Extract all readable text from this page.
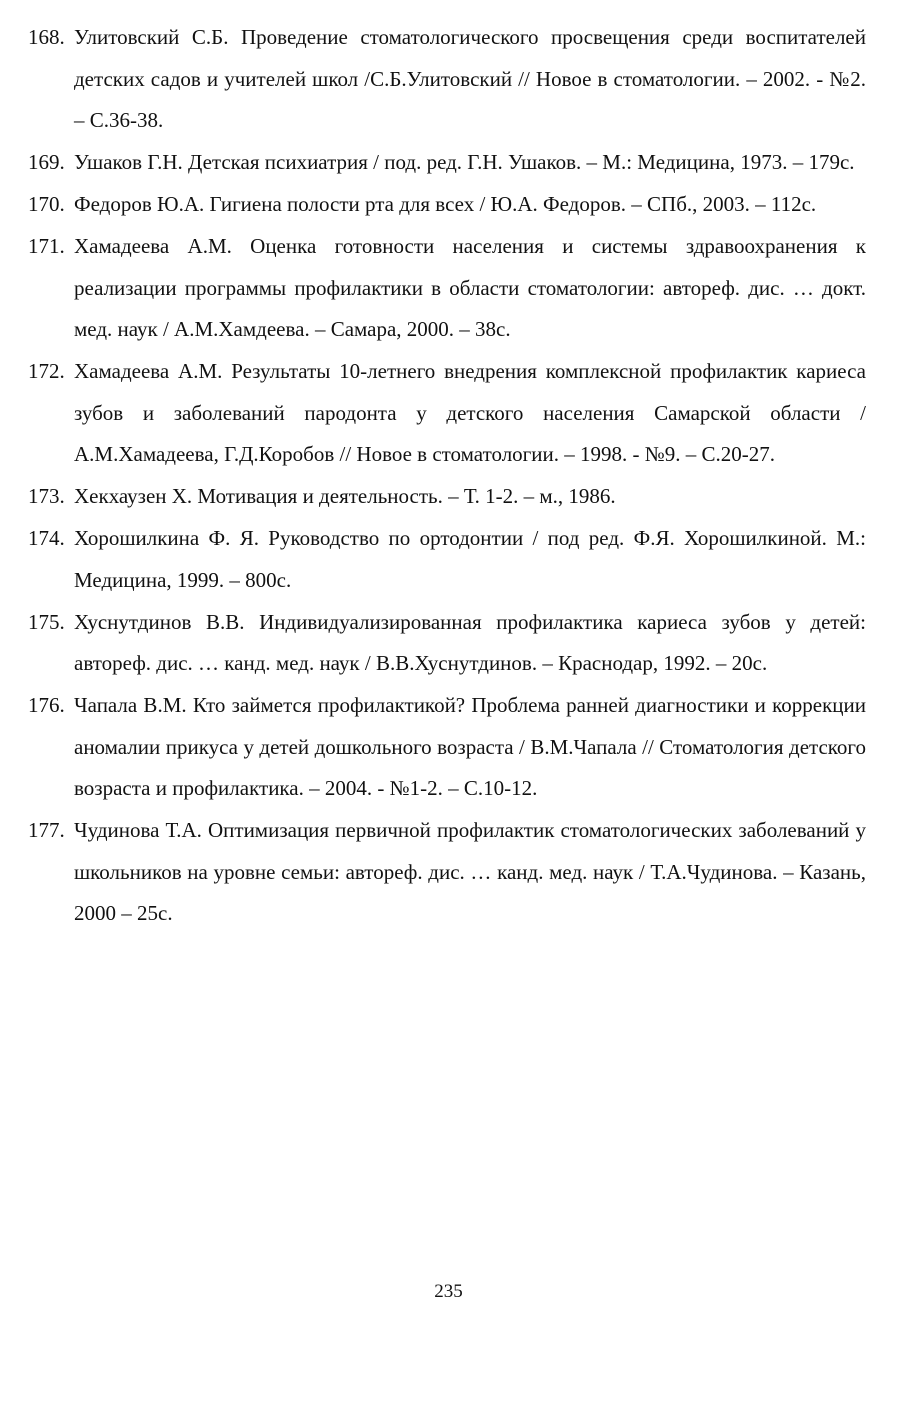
168. Улитовский С.Б. Проведение стоматологического просвещения среди воспитателей детских садов и учителей школ /С.Б.Улитовский // Новое в стоматологии. – 2002. - №2. – С.36-38.
169. Ушаков Г.Н. Детская психиатрия / под. ред. Г.Н. Ушаков. – М.: Медицина, 1973. – 179с.
170. Федоров Ю.А. Гигиена полости рта для всех / Ю.А. Федоров. – СПб., 2003. – 112с.
171. Хамадеева А.М. Оценка готовности населения и системы здравоохранения к реализации программы профилактики в области стоматологии: автореф. дис. … докт. мед. наук / А.М.Хамдеева. – Самара, 2000. – 38с.
172. Хамадеева А.М. Результаты 10-летнего внедрения комплексной профилактик кариеса зубов и заболеваний пародонта у детского населения Самарской области / А.М.Хамадеева, Г.Д.Коробов // Новое в стоматологии. – 1998. - №9. – С.20-27.
173. Хекхаузен Х. Мотивация и деятельность. – Т. 1-2. – м., 1986.
174. Хорошилкина Ф. Я. Руководство по ортодонтии / под ред. Ф.Я. Хорошилкиной. М.: Медицина, 1999. – 800с.
175. Хуснутдинов В.В. Индивидуализированная профилактика кариеса зубов у детей: автореф. дис. … канд. мед. наук / В.В.Хуснутдинов. – Краснодар, 1992. – 20с.
176. Чапала В.М. Кто займется профилактикой? Проблема ранней диагностики и коррекции аномалии прикуса у детей дошкольного возраста / В.М.Чапала // Стоматология детского возраста и профилактика. – 2004. - №1-2. – С.10-12.
177. Чудинова Т.А. Оптимизация первичной профилактик стоматологических заболеваний у школьников на уровне семьи: автореф. дис. … канд. мед. наук / Т.А.Чудинова. – Казань, 2000 – 25с.
235
